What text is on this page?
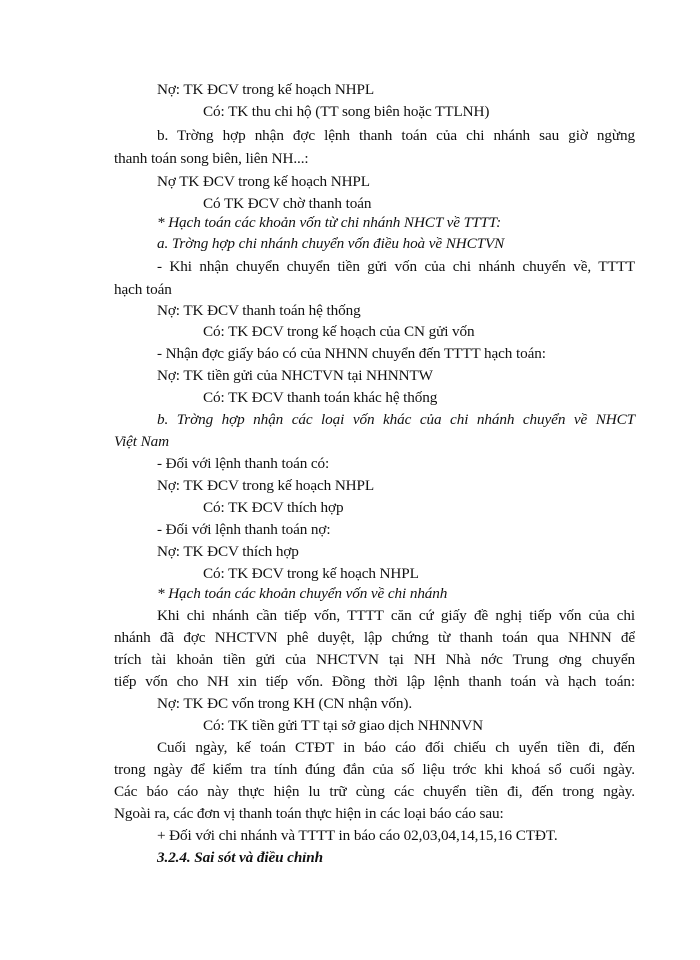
Nợ: TK ĐCV trong kế hoạch NHPL
Có: TK thu chi hộ (TT song biên hoặc TTLNH)
b. Trờng hợp nhận đợc lệnh thanh toán của chi nhánh sau giờ ngừng
thanh toán song biên, liên NH...:
Nợ TK ĐCV trong kế hoạch NHPL
Có TK ĐCV chờ thanh toán
* Hạch toán các khoản vốn từ chi nhánh NHCT về TTTT:
a. Trờng hợp chi nhánh chuyển vốn điều hoà về NHCTVN
- Khi nhận chuyển chuyển tiền gửi vốn của chi nhánh chuyển về, TTTT
hạch toán
Nợ: TK ĐCV thanh toán hệ thống
Có: TK ĐCV trong kế hoạch của CN gửi vốn
- Nhận đợc giấy báo có của NHNN chuyển đến TTTT hạch toán:
Nợ: TK tiền gửi của NHCTVN tại NHNNTW
Có: TK ĐCV thanh toán khác hệ thống
b. Trờng hợp nhận các loại vốn khác của chi nhánh chuyển về NHCT
Việt Nam
- Đối với lệnh thanh toán có:
Nợ: TK ĐCV trong kế hoạch NHPL
Có: TK ĐCV thích hợp
- Đối với lệnh thanh toán nợ:
Nợ: TK ĐCV thích hợp
Có: TK ĐCV trong kế hoạch NHPL
* Hạch toán các khoản chuyển vốn về chi nhánh
Khi chi nhánh cần tiếp vốn, TTTT căn cứ giấy đề nghị tiếp vốn của chi
nhánh đã đợc NHCTVN phê duyệt, lập chứng từ thanh toán qua NHNN để
trích tài khoản tiền gửi của NHCTVN tại NH Nhà nớc Trung ơng chuyển
tiếp vốn cho NH xin tiếp vốn. Đồng thời lập lệnh thanh toán và hạch toán:
Nợ: TK ĐC vốn trong KH (CN nhận vốn).
Có: TK tiền gửi TT tại sở giao dịch NHNNVN
Cuối ngày, kế toán CTĐT in báo cáo đối chiếu ch uyển tiền đi, đến
trong ngày để kiểm tra tính đúng đắn của số liệu trớc khi khoá sổ cuối ngày.
Các báo cáo này thực hiện lu trữ cùng các chuyển tiền đi, đến trong ngày.
Ngoài ra, các đơn vị thanh toán thực hiện in các loại báo cáo sau:
+ Đối với chi nhánh và TTTT in báo cáo 02,03,04,14,15,16 CTĐT.
3.2.4. Sai sót và điều chỉnh
